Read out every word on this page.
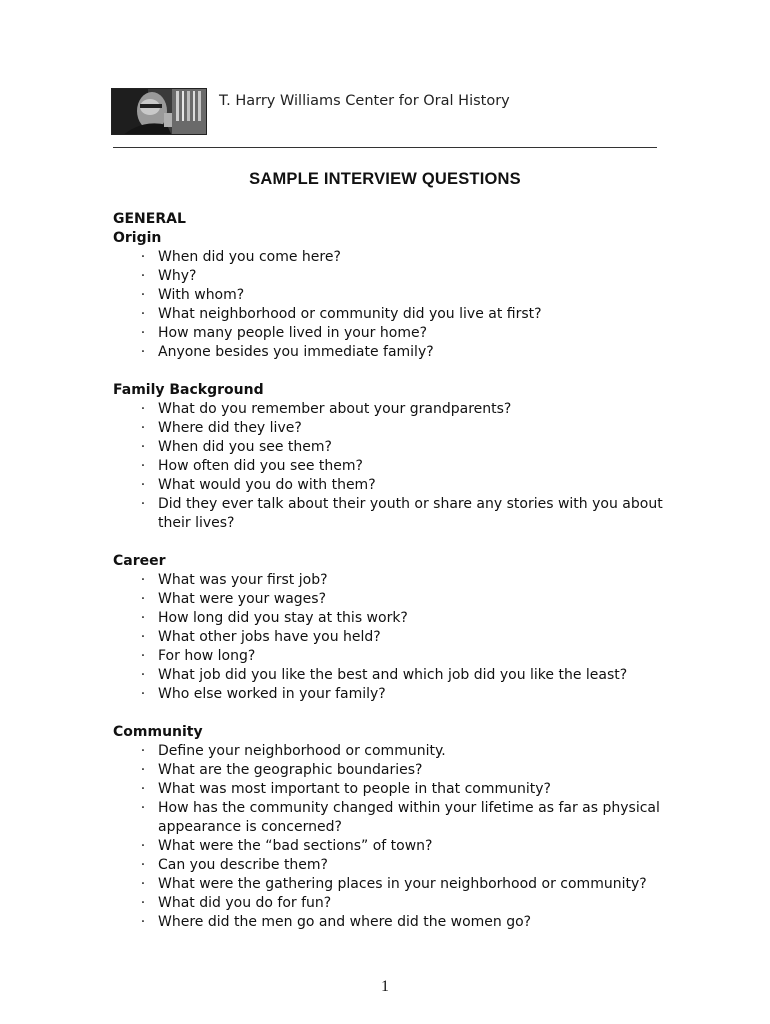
T. Harry Williams Center for Oral History
SAMPLE INTERVIEW QUESTIONS

GENERAL

Origin

· When did you come here?
· Why?
· With whom?
· What neighborhood or community did you live at first?
· How many people lived in your home?
· Anyone besides you immediate family?

Family Background

· What do you remember about your grandparents?
· Where did they live?
· When did you see them?
· How often did you see them?
· What would you do with them?
· Did they ever talk about their youth or share any stories with you about their lives?

Career

· What was your first job?
· What were your wages?
· How long did you stay at this work?
· What other jobs have you held?
· For how long?
· What job did you like the best and which job did you like the least?
· Who else worked in your family?

Community

· Define your neighborhood or community.
· What are the geographic boundaries?
· What was most important to people in that community?
· How has the community changed within your lifetime as far as physical appearance is concerned?
· What were the “bad sections” of town?
· Can you describe them?
· What were the gathering places in your neighborhood or community?
· What did you do for fun?
· Where did the men go and where did the women go?
1
